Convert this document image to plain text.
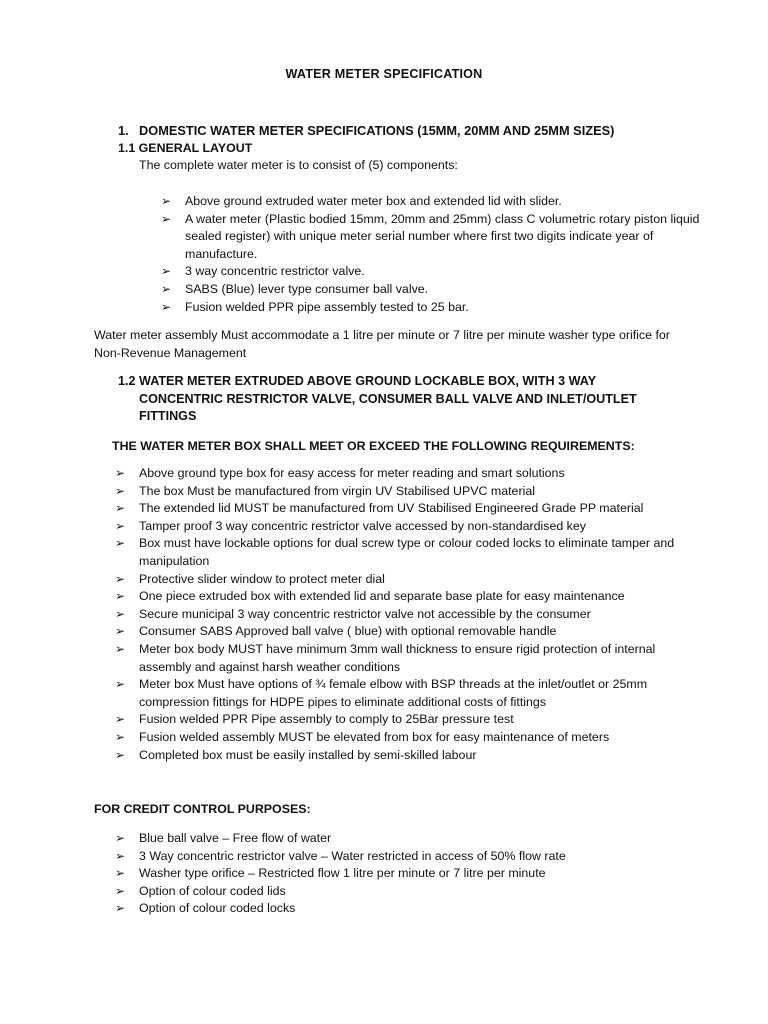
WATER METER SPECIFICATION
1. DOMESTIC WATER METER SPECIFICATIONS (15MM, 20MM AND 25MM SIZES)
1.1 GENERAL LAYOUT
The complete water meter is to consist of (5) components:
➢	Above ground extruded water meter box and extended lid with slider.
➢	A water meter (Plastic bodied 15mm, 20mm and 25mm) class C volumetric rotary piston liquid sealed register) with unique meter serial number where first two digits indicate year of manufacture.
➢	3 way concentric restrictor valve.
➢	SABS (Blue) lever type consumer ball valve.
➢	Fusion welded PPR pipe assembly tested to 25 bar.
Water meter assembly Must accommodate a 1 litre per minute or 7 litre per minute washer type orifice for Non-Revenue Management
1.2 WATER METER EXTRUDED ABOVE GROUND LOCKABLE BOX, WITH 3 WAY
CONCENTRIC RESTRICTOR VALVE, CONSUMER BALL VALVE AND INLET/OUTLET
FITTINGS
THE WATER METER BOX SHALL MEET OR EXCEED THE FOLLOWING REQUIREMENTS:
➢	Above ground type box for easy access for meter reading and smart solutions
➢	The box Must be manufactured from virgin UV Stabilised UPVC material
➢	The extended lid MUST be manufactured from UV Stabilised Engineered Grade PP material
➢	Tamper proof 3 way concentric restrictor valve accessed by non-standardised key
➢	Box must have lockable options for dual screw type or colour coded locks to eliminate tamper and manipulation
➢	Protective slider window to protect meter dial
➢	One piece extruded box with extended lid and separate base plate for easy maintenance
➢	Secure municipal 3 way concentric restrictor valve not accessible by the consumer
➢	Consumer SABS Approved ball valve ( blue) with optional removable handle
➢	Meter box body MUST have minimum 3mm wall thickness to ensure rigid protection of internal assembly and against harsh weather conditions
➢	Meter box Must have options of ¾ female elbow with BSP threads at the inlet/outlet or 25mm compression fittings for HDPE pipes to eliminate additional costs of fittings
➢	Fusion welded PPR Pipe assembly to comply to 25Bar pressure test
➢	Fusion welded assembly MUST be elevated from box for easy maintenance of meters
➢	Completed box must be easily installed by semi-skilled labour
FOR CREDIT CONTROL PURPOSES:
➢	Blue ball valve – Free flow of water
➢	3 Way concentric restrictor valve – Water restricted in access of 50% flow rate
➢	Washer type orifice – Restricted flow 1 litre per minute or 7 litre per minute
➢	Option of colour coded lids
➢	Option of colour coded locks
